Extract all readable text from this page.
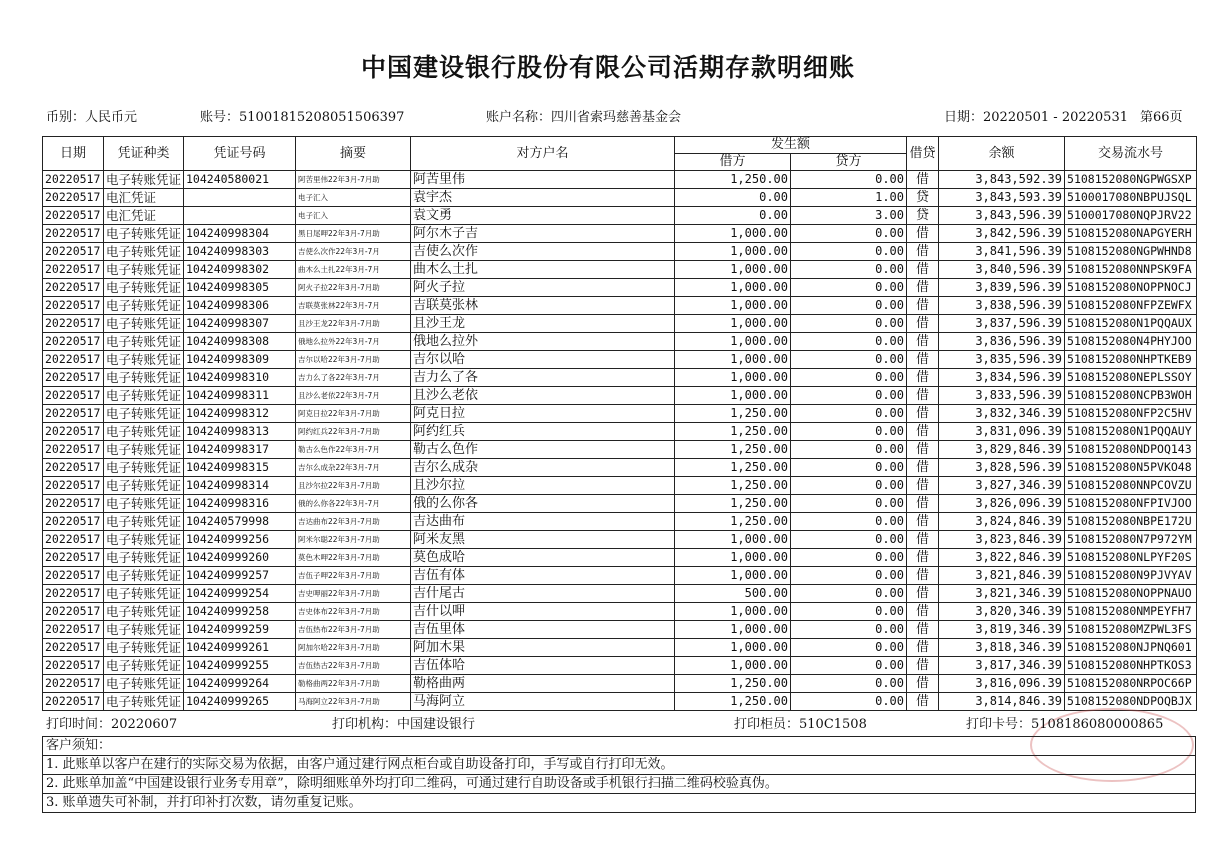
中国建设银行股份有限公司活期存款明细账
币别：人民币元	账号：51001815208051506397	账户名称：四川省索玛慈善基金会	日期：20220501 - 20220531 第66页
日期	凭证种类	凭证号码	摘要	对方户名	发生额		借贷	余额	交易流水号
					借方	贷方			
20220517	电子转账凭证	104240580021	阿苦里伟22年3月-7月助	阿苦里伟	1,250.00	0.00	借	3,843,592.39	5108152080NGPWGSXP
20220517	电汇凭证		电子汇入	袁宇杰	0.00	1.00	贷	3,843,593.39	5100017080NBPUJSQL
20220517	电汇凭证		电子汇入	袁文勇	0.00	3.00	贷	3,843,596.39	5100017080NQPJRV22
20220517	电子转账凭证	104240998304	黑日尾呷22年3月-7月助	阿尔木子吉	1,000.00	0.00	借	3,842,596.39	5108152080NAPGYERH
20220517	电子转账凭证	104240998303	吉使么次作22年3月-7月	吉使么次作	1,000.00	0.00	借	3,841,596.39	5108152080NGPWHND8
20220517	电子转账凭证	104240998302	曲木么土扎22年3月-7月	曲木么土扎	1,000.00	0.00	借	3,840,596.39	5108152080NNPSK9FA
20220517	电子转账凭证	104240998305	阿火子拉22年3月-7月助	阿火子拉	1,000.00	0.00	借	3,839,596.39	5108152080NOPPNOCJ
20220517	电子转账凭证	104240998306	吉联莫张林22年3月-7月	吉联莫张林	1,000.00	0.00	借	3,838,596.39	5108152080NFPZEWFX
20220517	电子转账凭证	104240998307	且沙王龙22年3月-7月助	且沙王龙	1,000.00	0.00	借	3,837,596.39	5108152080N1PQQAUX
20220517	电子转账凭证	104240998308	俄地么拉外22年3月-7月	俄地么拉外	1,000.00	0.00	借	3,836,596.39	5108152080N4PHYJOO
20220517	电子转账凭证	104240998309	吉尔以哈22年3月-7月助	吉尔以哈	1,000.00	0.00	借	3,835,596.39	5108152080NHPTKEB9
20220517	电子转账凭证	104240998310	吉力么了各22年3月-7月	吉力么了各	1,000.00	0.00	借	3,834,596.39	5108152080NEPLSSOY
20220517	电子转账凭证	104240998311	且沙么老依22年3月-7月	且沙么老依	1,000.00	0.00	借	3,833,596.39	5108152080NCPB3WOH
20220517	电子转账凭证	104240998312	阿克日拉22年3月-7月助	阿克日拉	1,250.00	0.00	借	3,832,346.39	5108152080NFP2C5HV
20220517	电子转账凭证	104240998313	阿约红兵22年3月-7月助	阿约红兵	1,250.00	0.00	借	3,831,096.39	5108152080N1PQQAUY
20220517	电子转账凭证	104240998317	勒古么色作22年3月-7月	勒古么色作	1,250.00	0.00	借	3,829,846.39	5108152080NDPOQ143
20220517	电子转账凭证	104240998315	吉尔么成杂22年3月-7月	吉尔么成杂	1,250.00	0.00	借	3,828,596.39	5108152080N5PVKO48
20220517	电子转账凭证	104240998314	且沙尔拉22年3月-7月助	且沙尔拉	1,250.00	0.00	借	3,827,346.39	5108152080NNPCOVZU
20220517	电子转账凭证	104240998316	俄的么你各22年3月-7月	俄的么你各	1,250.00	0.00	借	3,826,096.39	5108152080NFPIVJOO
20220517	电子转账凭证	104240579998	吉达曲布22年3月-7月助	吉达曲布	1,250.00	0.00	借	3,824,846.39	5108152080NBPE172U
20220517	电子转账凭证	104240999256	阿米尔聪22年3月-7月助	阿米友黑	1,000.00	0.00	借	3,823,846.39	5108152080N7P972YM
20220517	电子转账凭证	104240999260	莫色木呷22年3月-7月助	莫色成哈	1,000.00	0.00	借	3,822,846.39	5108152080NLPYF20S
20220517	电子转账凭证	104240999257	吉伍子呷22年3月-7月助	吉伍有体	1,000.00	0.00	借	3,821,846.39	5108152080N9PJVYAV
20220517	电子转账凭证	104240999254	吉史呷丽22年3月-7月助	吉什尾古	500.00	0.00	借	3,821,346.39	5108152080NOPPNAUO
20220517	电子转账凭证	104240999258	吉史体布22年3月-7月助	吉什以呷	1,000.00	0.00	借	3,820,346.39	5108152080NMPEYFH7
20220517	电子转账凭证	104240999259	吉伍热布22年3月-7月助	吉伍里体	1,000.00	0.00	借	3,819,346.39	5108152080MZPWL3FS
20220517	电子转账凭证	104240999261	阿加尔哈22年3月-7月助	阿加木果	1,000.00	0.00	借	3,818,346.39	5108152080NJPNQ601
20220517	电子转账凭证	104240999255	吉伍热古22年3月-7月助	吉伍体哈	1,000.00	0.00	借	3,817,346.39	5108152080NHPTKOS3
20220517	电子转账凭证	104240999264	勒格曲两22年3月-7月助	勒格曲两	1,250.00	0.00	借	3,816,096.39	5108152080NRPOC66P
20220517	电子转账凭证	104240999265	马海阿立22年3月-7月助	马海阿立	1,250.00	0.00	借	3,814,846.39	5108152080NDPOQBJX
打印时间：20220607	打印机构：中国建设银行	打印柜员：510C1508	打印卡号：5108186080000865
客户须知：
1. 此账单以客户在建行的实际交易为依据，由客户通过建行网点柜台或自助设备打印，手写或自行打印无效。
2. 此账单加盖“中国建设银行业务专用章”，除明细账单外均打印二维码，可通过建行自助设备或手机银行扫描二维码校验真伪。
3. 账单遗失可补制，并打印补打次数，请勿重复记账。
